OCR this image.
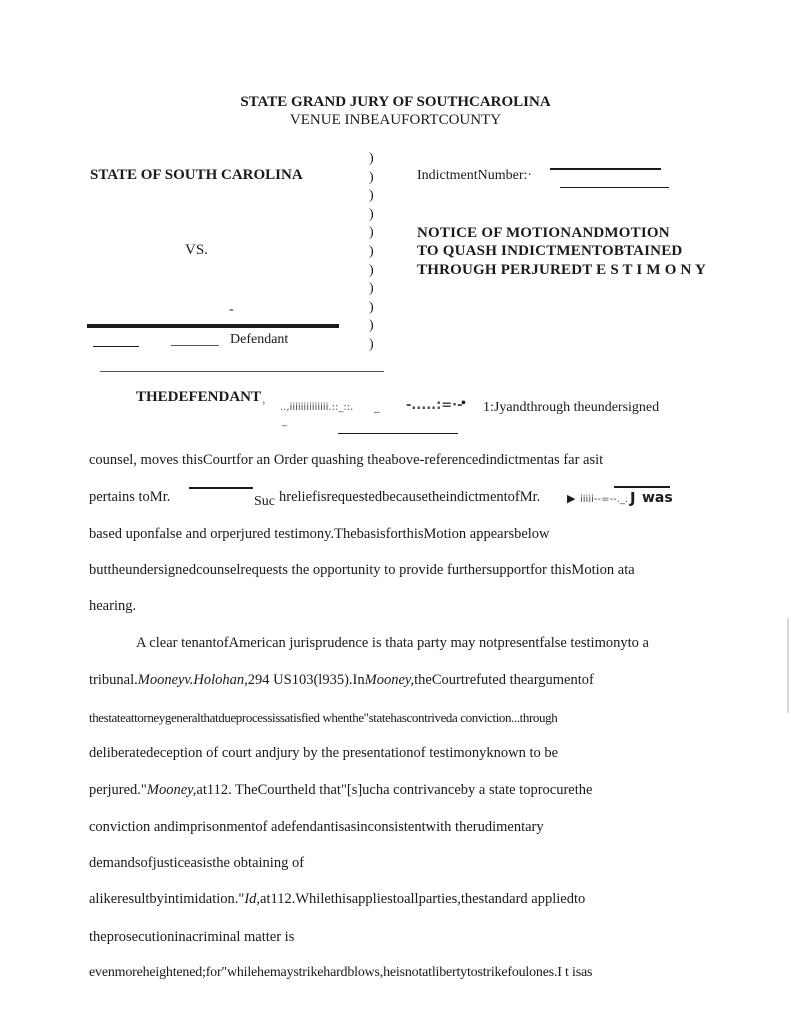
STATE GRAND JURY OF SOUTHCAROLINA
VENUE INBEAUFORTCOUNTY
STATE OF SOUTH CAROLINA
VS.
-
Defendant
)
)
)
)
)
)
)
)
)
)
)
IndictmentNumber:·
NOTICE OF MOTIONANDMOTION
TO QUASH INDICTMENTOBTAINED
THROUGH PERJUREDT E S T I M O N Y
THEDEFENDANT ,
..,iiiiiiiiiiiiii.::_::. _ -.....:=·-
• 1:Jyandthrough theundersigned
_
counsel, moves thisCourtfor an Order quashing theabove-referencedindictmentas far asit
pertains toMr.	Suc hreliefisrequestedbecausetheindictmentofMr. ▶ iiiii--=--._. J was
based uponfalse and orperjured testimony.ThebasisforthisMotion appearsbelow
buttheundersignedcounselrequests the opportunity to provide furthersupportfor thisMotion ata
hearing.
A clear tenantofAmerican jurisprudence is thata party may notpresentfalse testimonyto a
tribunal.Mooneyv.Holohan,294 US103(l935).InMooney,theCourtrefuted theargumentof
thestateattorneygeneralthatdueprocessissatisfied whenthe"statehascontriveda conviction...through
deliberatedeception of court andjury by the presentationof testimonyknown to be
perjured."Mooney,at112. TheCourtheld that"[s]ucha contrivanceby a state toprocurethe
conviction andimprisonmentof adefendantisasinconsistentwith therudimentary
demandsofjusticeasisthe obtaining of
alikeresultbyintimidation."Id,at112.Whilethisappliestoallparties,thestandard appliedto
theprosecutioninacriminal matter is
evenmoreheightened;for"whilehemaystrikehardblows,heisnotatlibertytostrikefoulones.I t isas
